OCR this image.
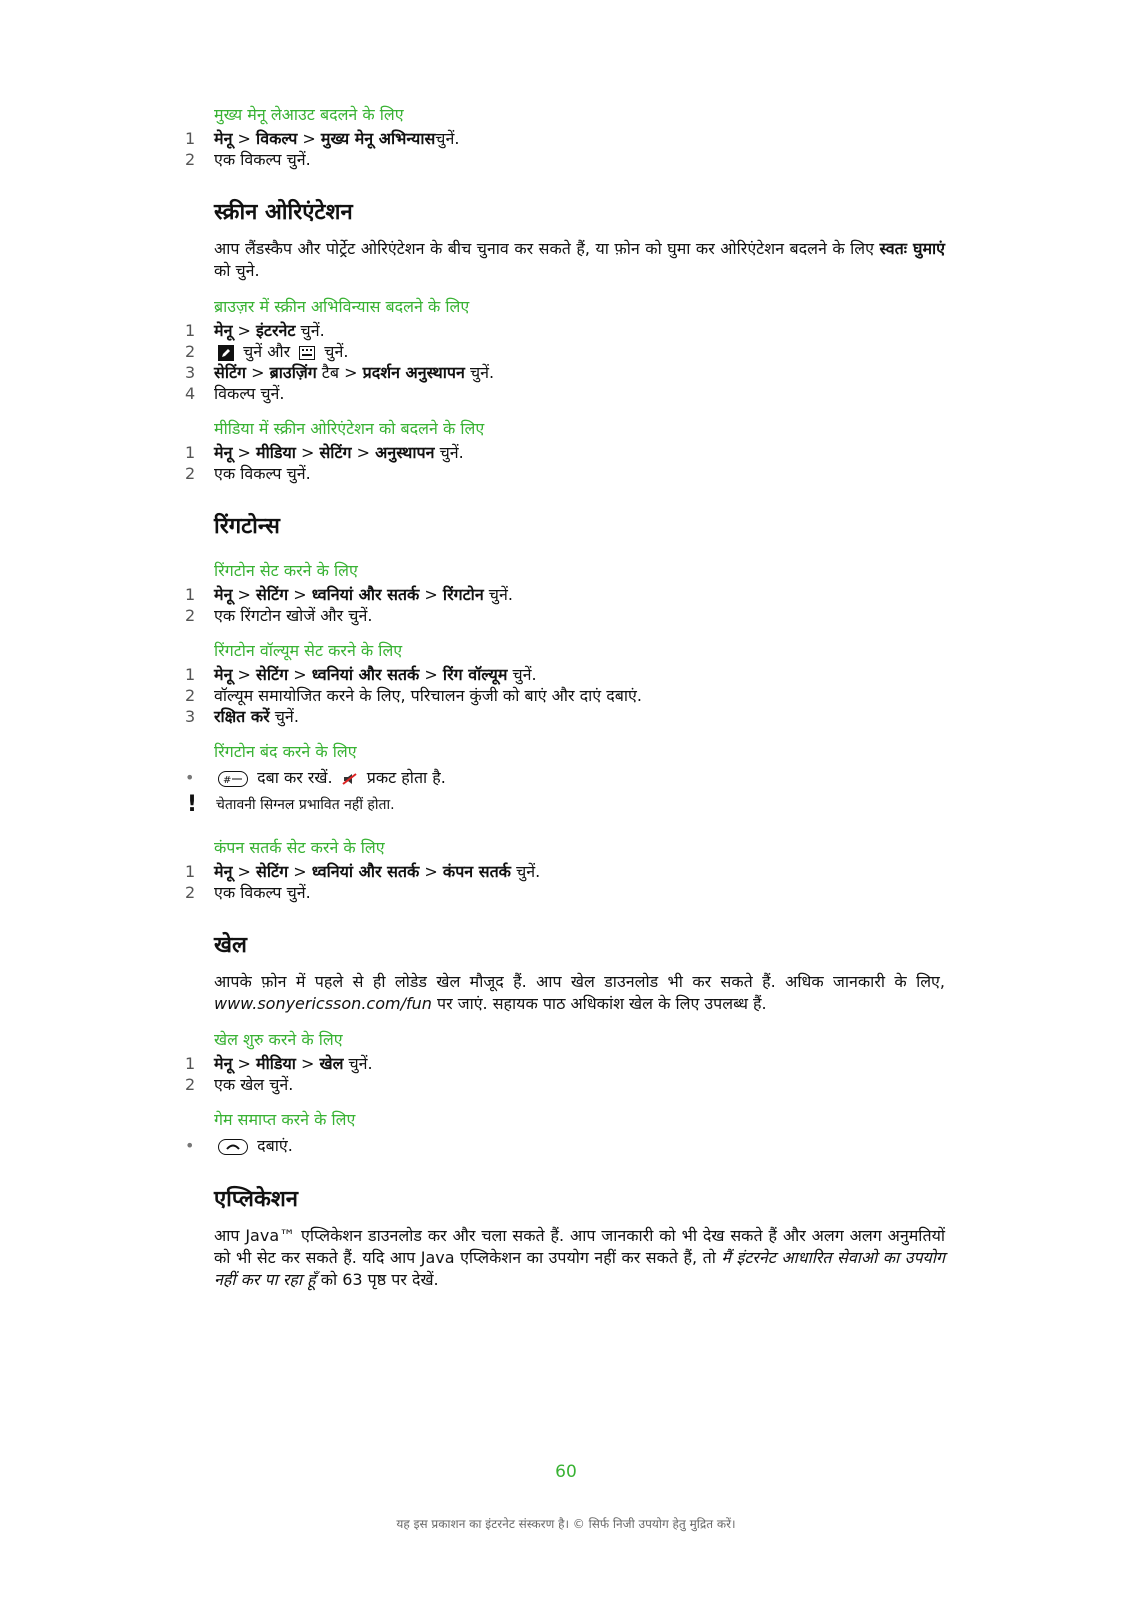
मुख्य मेनू लेआउट बदलने के लिए
1	मेनू > विकल्प > मुख्य मेनू अभिन्यासचुनें.
2	एक विकल्प चुनें.
स्क्रीन ओरिएंटेशन
आप लैंडस्कैप और पोर्ट्रेट ओरिएंटेशन के बीच चुनाव कर सकते हैं, या फ़ोन को घुमा कर ओरिएंटेशन बदलने के लिए स्वतः घुमाएं को चुने.
ब्राउज़र में स्क्रीन अभिविन्यास बदलने के लिए
1	मेनू > इंटरनेट चुनें.
2	चुनें और  चुनें.
3	सेटिंग > ब्राउज़िंग टैब > प्रदर्शन अनुस्थापन चुनें.
4	विकल्प चुनें.
मीडिया में स्क्रीन ओरिएंटेशन को बदलने के लिए
1	मेनू > मीडिया > सेटिंग > अनुस्थापन चुनें.
2	एक विकल्प चुनें.
रिंगटोन्स
रिंगटोन सेट करने के लिए
1	मेनू > सेटिंग > ध्वनियां और सतर्क > रिंगटोन चुनें.
2	एक रिंगटोन खोजें और चुनें.
रिंगटोन वॉल्यूम सेट करने के लिए
1	मेनू > सेटिंग > ध्वनियां और सतर्क > रिंग वॉल्यूम चुनें.
2	वॉल्यूम समायोजित करने के लिए, परिचालन कुंजी को बाएं और दाएं दबाएं.
3	रक्षित करें चुनें.
रिंगटोन बंद करने के लिए
•	# दबा कर रखें.  प्रकट होता है.
!	चेतावनी सिग्नल प्रभावित नहीं होता.
कंपन सतर्क सेट करने के लिए
1	मेनू > सेटिंग > ध्वनियां और सतर्क > कंपन सतर्क चुनें.
2	एक विकल्प चुनें.
खेल
आपके फ़ोन में पहले से ही लोडेड खेल मौजूद हैं. आप खेल डाउनलोड भी कर सकते हैं. अधिक जानकारी के लिए, www.sonyericsson.com/fun पर जाएं. सहायक पाठ अधिकांश खेल के लिए उपलब्ध हैं.
खेल शुरु करने के लिए
1	मेनू > मीडिया > खेल चुनें.
2	एक खेल चुनें.
गेम समाप्त करने के लिए
•	दबाएं.
एप्लिकेशन
आप Java™ एप्लिकेशन डाउनलोड कर और चला सकते हैं. आप जानकारी को भी देख सकते हैं और अलग अलग अनुमतियों को भी सेट कर सकते हैं. यदि आप Java एप्लिकेशन का उपयोग नहीं कर सकते हैं, तो मैं इंटरनेट आधारित सेवाओ का उपयोग नहीं कर पा रहा हूँ को 63 पृष्ठ पर देखें.
60
यह इस प्रकाशन का इंटरनेट संस्करण है। © सिर्फ निजी उपयोग हेतु मुद्रित करें।
